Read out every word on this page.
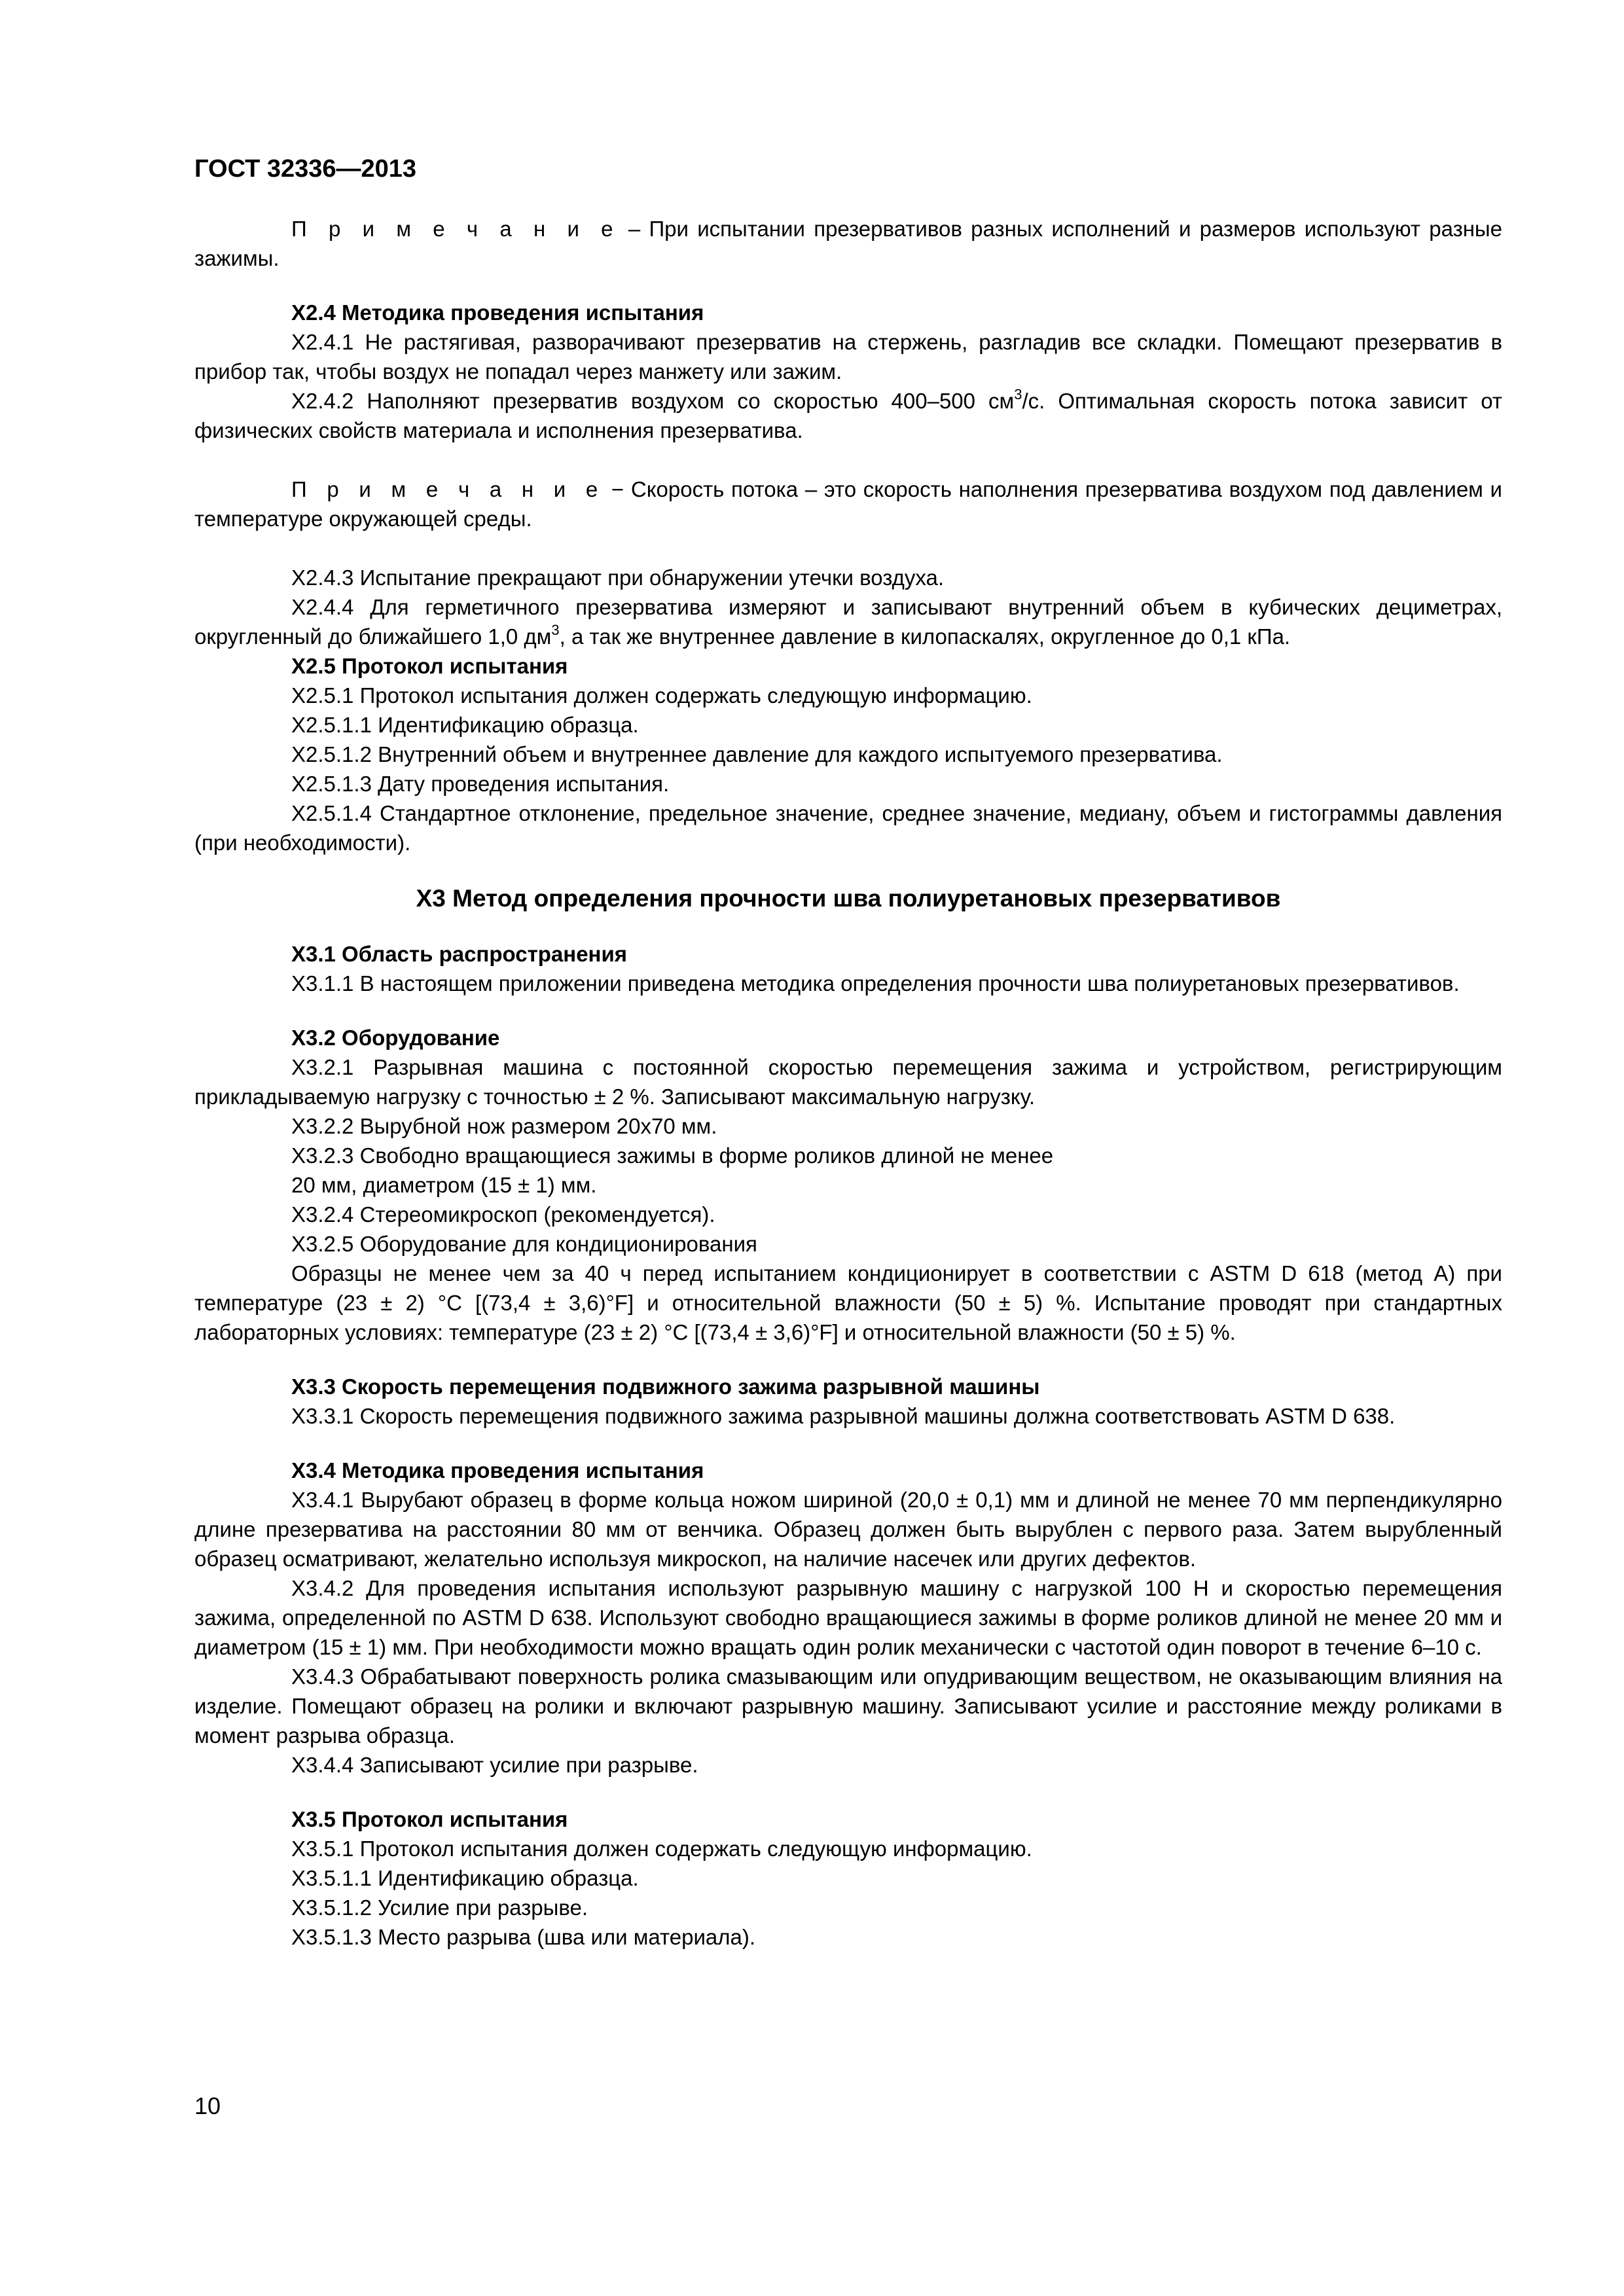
ГОСТ 32336—2013

П р и м е ч а н и е – При испытании презервативов разных исполнений и размеров используют разные зажимы.

Х2.4 Методика проведения испытания

Х2.4.1 Не растягивая, разворачивают презерватив на стержень, разгладив все складки. Помещают презерватив в прибор так, чтобы воздух не попадал через манжету или зажим.

Х2.4.2 Наполняют презерватив воздухом со скоростью 400–500 $см^3/с$. Оптимальная скорость потока зависит от физических свойств материала и исполнения презерватива.

П р и м е ч а н и е − Скорость потока – это скорость наполнения презерватива воздухом под давлением и температуре окружающей среды.

Х2.4.3 Испытание прекращают при обнаружении утечки воздуха.

Х2.4.4 Для герметичного презерватива измеряют и записывают внутренний объем в кубических дециметрах, округленный до ближайшего 1,0 $дм^3$, а так же внутреннее давление в килопаскалях, округленное до 0,1 кПа.

Х2.5 Протокол испытания

Х2.5.1 Протокол испытания должен содержать следующую информацию.

Х2.5.1.1 Идентификацию образца.

Х2.5.1.2 Внутренний объем и внутреннее давление для каждого испытуемого презерватива.

Х2.5.1.3 Дату проведения испытания.

Х2.5.1.4 Стандартное отклонение, предельное значение, среднее значение, медиану, объем и гистограммы давления (при необходимости).

Х3 Метод определения прочности шва полиуретановых презервативов

Х3.1 Область распространения

Х3.1.1 В настоящем приложении приведена методика определения прочности шва полиуретановых презервативов.

Х3.2 Оборудование

Х3.2.1 Разрывная машина с постоянной скоростью перемещения зажима и устройством, регистрирующим прикладываемую нагрузку с точностью ± 2 %. Записывают максимальную нагрузку.

Х3.2.2 Вырубной нож размером 20х70 мм.

Х3.2.3 Свободно вращающиеся зажимы в форме роликов длиной не менее

20 мм, диаметром (15 ± 1) мм.

Х3.2.4 Стереомикроскоп (рекомендуется).

Х3.2.5 Оборудование для кондиционирования

Образцы не менее чем за 40 ч перед испытанием кондиционирует в соответствии с ASTM D 618 (метод А) при температуре (23 ± 2) °С [(73,4 ± 3,6)°F] и относительной влажности (50 ± 5) %. Испытание проводят при стандартных лабораторных условиях: температуре (23 ± 2) °С [(73,4 ± 3,6)°F] и относительной влажности (50 ± 5) %.

Х3.3 Скорость перемещения подвижного зажима разрывной машины

Х3.3.1 Скорость перемещения подвижного зажима разрывной машины должна соответствовать ASTM D 638.

Х3.4 Методика проведения испытания

Х3.4.1 Вырубают образец в форме кольца ножом шириной (20,0 ± 0,1) мм и длиной не менее 70 мм перпендикулярно длине презерватива на расстоянии 80 мм от венчика. Образец должен быть вырублен с первого раза. Затем вырубленный образец осматривают, желательно используя микроскоп, на наличие насечек или других дефектов.

Х3.4.2 Для проведения испытания используют разрывную машину с нагрузкой 100 Н и скоростью перемещения зажима, определенной по ASTM D 638. Используют свободно вращающиеся зажимы в форме роликов длиной не менее 20 мм и диаметром (15 ± 1) мм. При необходимости можно вращать один ролик механически с частотой один поворот в течение 6–10 с.

Х3.4.3 Обрабатывают поверхность ролика смазывающим или опудривающим веществом, не оказывающим влияния на изделие. Помещают образец на ролики и включают разрывную машину. Записывают усилие и расстояние между роликами в момент разрыва образца.

Х3.4.4 Записывают усилие при разрыве.

Х3.5 Протокол испытания

Х3.5.1 Протокол испытания должен содержать следующую информацию.

Х3.5.1.1 Идентификацию образца.

Х3.5.1.2 Усилие при разрыве.

Х3.5.1.3 Место разрыва (шва или материала).

10
